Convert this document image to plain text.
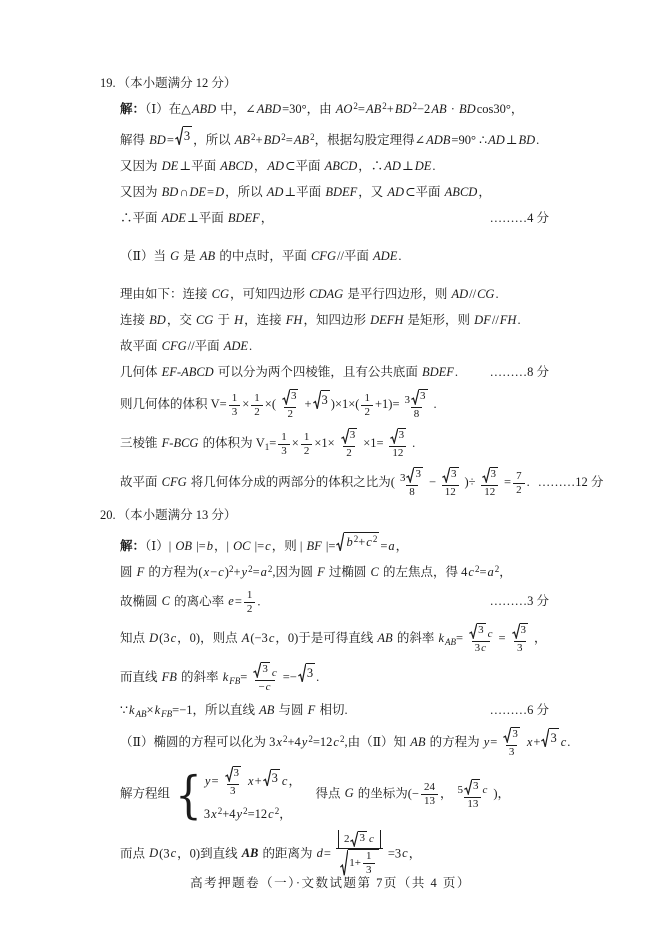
19. （本小题满分 12 分）
解：（Ⅰ）在△ABD 中，∠ABD=30°，由 $AO^2=AB^2+BD^2-2AB \cdot BDcos30^\circ$，
解得 BD= 3 ，所以 $AB^2+BD^2=AB^2$，根据勾股定理得∠ADB=90° ∴AD⊥BD.
又因为 DE⊥平面 ABCD，AD⊂平面 ABCD，∴AD⊥DE.
又因为 BD∩DE=D，所以 AD⊥平面 BDEF，又 AD⊂平面 ABCD，
∴平面 ADE⊥平面 BDEF，	………4 分
（Ⅱ）当 G 是 AB 的中点时，平面 CFG//平面 ADE.
理由如下：连接 CG，可知四边形 CDAG 是平行四边形，则 AD//CG.
连接 BD，交 CG 于 H，连接 FH，知四边形 DEFH 是矩形，则 DF//FH.
故平面 CFG//平面 ADE.
几何体 EF-ABCD 可以分为两个四棱锥，且有公共底面 BDEF.	………8 分
则几何体的体积 $V= \frac{1}{3} \times \frac{1}{2}$ ×( $\frac{3}{2} + 3$ )$\times 1\times( \frac{1}{2} +1)= \frac{3 3}{8}$ .
三棱锥 F-BCG 的体积为 $V_1= \frac{1}{3} \times \frac{1}{2} \times 1\times \frac{3}{2} \times 1= \frac{3}{12}$ .
故平面 CFG 将几何体分成的两部分的体积之比为( $\frac{3 3}{8} - \frac{3}{12}$ )÷ $\frac{3}{12} = \frac{7}{2}$ . ………12 分
20. （本小题满分 13 分）
解：（Ⅰ）| OB |=b，| OC |=c，则 | BF |= $b^2+c^2$
=a，
圆 F 的方程为$(x-c)^2+y^2=a^2$,因为圆 F 过椭圆 C 的左焦点，得 $4c^2=a^2$，
故椭圆 C 的离心率 $e= \frac{1}{2}$ .	………3 分
知点 D(3c，0)，则点 A(−3c，0)于是可得直线 AB 的斜率 $k_{AB}= \frac{3 c}{3c} = \frac{3}{3}$ ，
而直线 FB 的斜率 $k_{FB}= \frac{3 c}{-c} =- 3$ .
$\because k_{AB}\times k_{FB}=-1$，所以直线 AB 与圆 F 相切.	………6 分
（Ⅱ）椭圆的方程可以化为 $3x^2+4y^2=12c^2$,由（Ⅱ）知 AB 的方程为 $y= \frac{3}{3} x+ 3$ c.
解方程组 { $y= \frac{3}{3} x+ 3$ c，
$3x^2+4y^2=12c^2$，
　得点 G 的坐标为(− $\frac{24}{13}$ ， $\frac{5 3 c}{13}$ )，
而点 D(3c，0)到直线 AB 的距离为 $d= \frac{2 3 c}{1+ \frac{1}{3}} =3c$，
高考押题卷（一）·文数试题第 7页（共 4 页）
